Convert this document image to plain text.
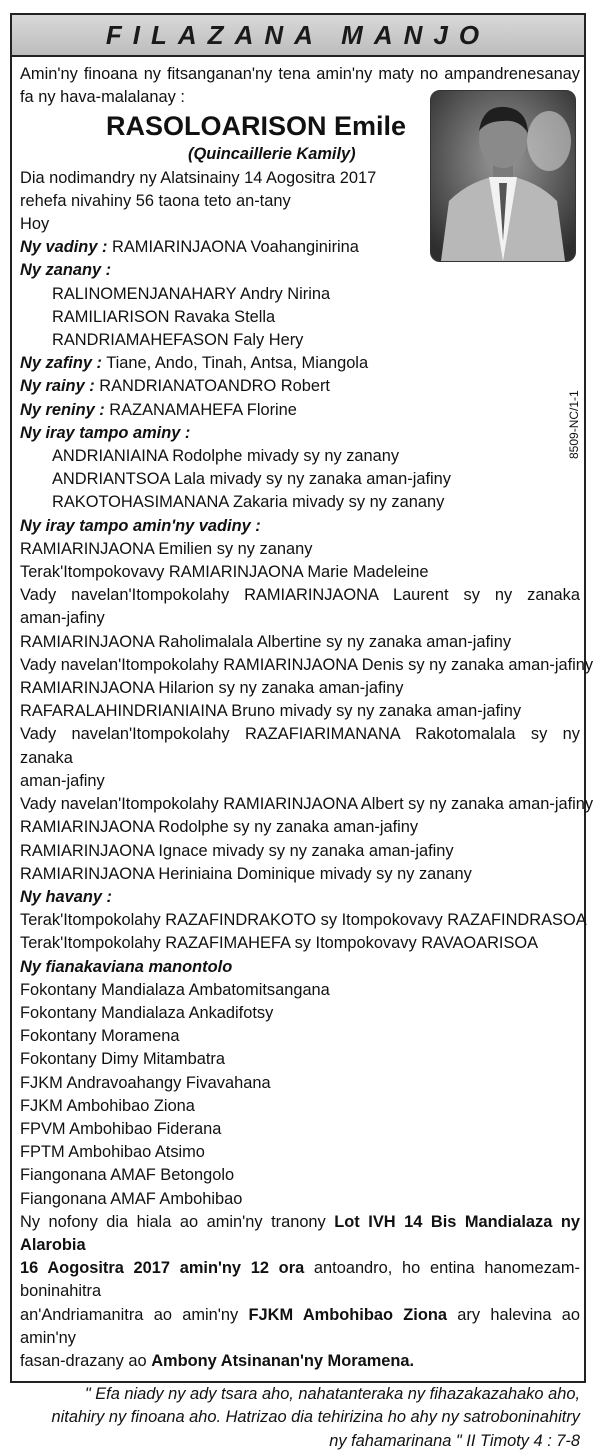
FILAZANA MANJO
8509-NC/1-1
Amin'ny finoana ny fitsanganan'ny tena amin'ny maty no ampandrenesanay
fa ny hava-malalanay :
RASOLOARISON Emile
(Quincaillerie Kamily)
Dia nodimandry ny Alatsinainy 14 Aogositra 2017
rehefa nivahiny 56 taona teto an-tany
Hoy
Ny vadiny : RAMIARINJAONA Voahanginirina
Ny zanany :
RALINOMENJANAHARY Andry Nirina
RAMILIARISON Ravaka Stella
RANDRIAMAHEFASON Faly Hery
Ny zafiny : Tiane, Ando, Tinah, Antsa, Miangola
Ny rainy : RANDRIANATOANDRO Robert
Ny reniny : RAZANAMAHEFA Florine
Ny iray tampo aminy :
ANDRIANIAINA Rodolphe mivady sy ny zanany
ANDRIANTSOA Lala mivady sy ny zanaka aman-jafiny
RAKOTOHASIMANANA Zakaria mivady sy ny zanany
Ny iray tampo amin'ny vadiny :
RAMIARINJAONA Emilien sy ny zanany
Terak'Itompokovavy RAMIARINJAONA Marie Madeleine
Vady navelan'Itompokolahy RAMIARINJAONA Laurent sy ny zanaka
aman-jafiny
RAMIARINJAONA Raholimalala Albertine sy ny zanaka aman-jafiny
Vady navelan'Itompokolahy RAMIARINJAONA Denis sy ny zanaka aman-jafiny
RAMIARINJAONA Hilarion sy ny zanaka aman-jafiny
RAFARALAHINDRIANIAINA Bruno mivady sy ny zanaka aman-jafiny
Vady navelan'Itompokolahy RAZAFIARIMANANA Rakotomalala sy ny zanaka
aman-jafiny
Vady navelan'Itompokolahy RAMIARINJAONA Albert sy ny zanaka aman-jafiny
RAMIARINJAONA Rodolphe sy ny zanaka aman-jafiny
RAMIARINJAONA Ignace mivady sy ny zanaka aman-jafiny
RAMIARINJAONA Heriniaina Dominique mivady sy ny zanany
Ny havany :
Terak'Itompokolahy RAZAFINDRAKOTO sy Itompokovavy RAZAFINDRASOA
Terak'Itompokolahy RAZAFIMAHEFA sy Itompokovavy RAVAOARISOA
Ny fianakaviana manontolo
Fokontany Mandialaza Ambatomitsangana
Fokontany Mandialaza Ankadifotsy
Fokontany Moramena
Fokontany Dimy Mitambatra
FJKM Andravoahangy Fivavahana
FJKM Ambohibao Ziona
FPVM Ambohibao Fiderana
FPTM Ambohibao Atsimo
Fiangonana AMAF Betongolo
Fiangonana AMAF Ambohibao
Ny nofony dia hiala ao amin'ny tranony Lot IVH 14 Bis Mandialaza ny Alarobia
16 Aogositra 2017 amin'ny 12 ora antoandro, ho entina hanomezam-boninahitra
an'Andriamanitra ao amin'ny FJKM Ambohibao Ziona ary halevina ao amin'ny
fasan-drazany ao Ambony Atsinanan'ny Moramena.
" Efa niady ny ady tsara aho, nahatanteraka ny fihazakazahako aho,
nitahiry ny finoana aho. Hatrizao dia tehirizina ho ahy ny satroboninahitry
ny fahamarinana " II Timoty 4 : 7-8
